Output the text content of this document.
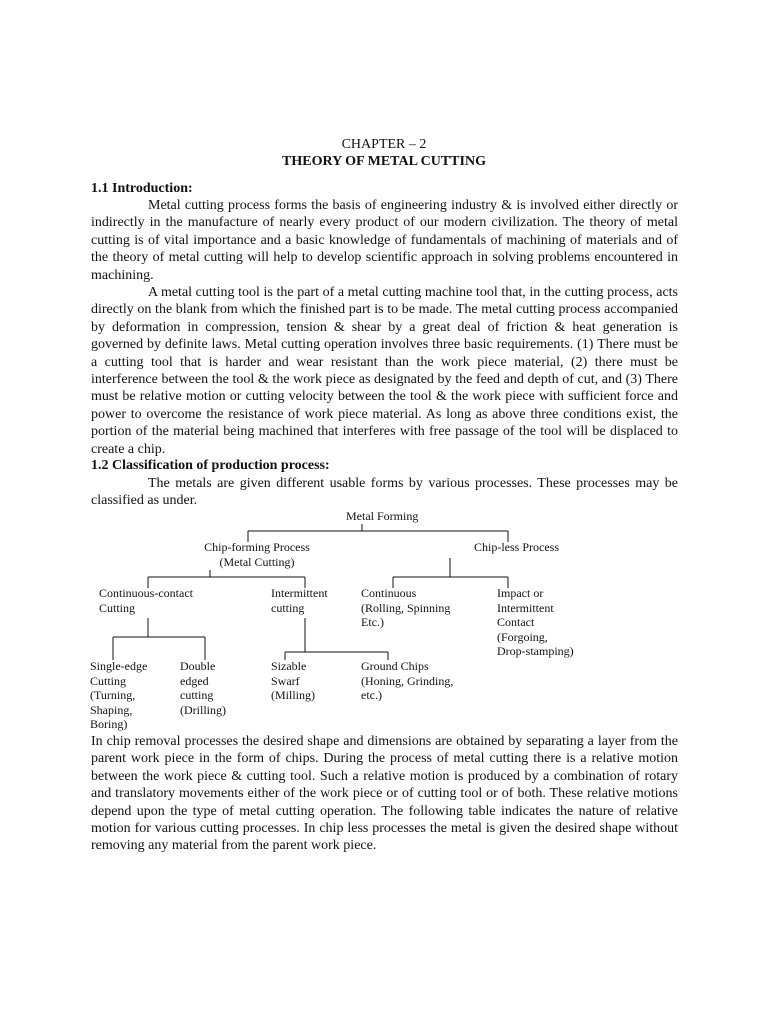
CHAPTER – 2
THEORY OF METAL CUTTING
1.1 Introduction:

Metal cutting process forms the basis of engineering industry & is involved either directly or indirectly in the manufacture of nearly every product of our modern civilization. The theory of metal cutting is of vital importance and a basic knowledge of fundamentals of machining of materials and of the theory of metal cutting will help to develop scientific approach in solving problems encountered in machining.

A metal cutting tool is the part of a metal cutting machine tool that, in the cutting process, acts directly on the blank from which the finished part is to be made. The metal cutting process accompanied by deformation in compression, tension & shear by a great deal of friction & heat generation is governed by definite laws. Metal cutting operation involves three basic requirements. (1) There must be a cutting tool that is harder and wear resistant than the work piece material, (2) there must be interference between the tool & the work piece as designated by the feed and depth of cut, and (3) There must be relative motion or cutting velocity between the tool & the work piece with sufficient force and power to overcome the resistance of work piece material. As long as above three conditions exist, the portion of the material being machined that interferes with free passage of the tool will be displaced to create a chip.

1.2 Classification of production process:

The metals are given different usable forms by various processes. These processes may be classified as under.

Metal Forming
Chip-forming Process
(Metal Cutting)
Chip-less Process
Continuous-contact
Cutting
Intermittent
cutting
Continuous
(Rolling, Spinning
Etc.)
Impact or
Intermittent
Contact
(Forgoing,
Drop-stamping)
Single-edge
Cutting
(Turning,
Shaping,
Boring)
Double
edged
cutting
(Drilling)
Sizable
Swarf
(Milling)
Ground Chips
(Honing, Grinding,
etc.)

In chip removal processes the desired shape and dimensions are obtained by separating a layer from the parent work piece in the form of chips. During the process of metal cutting there is a relative motion between the work piece & cutting tool. Such a relative motion is produced by a combination of rotary and translatory movements either of the work piece or of cutting tool or of both. These relative motions depend upon the type of metal cutting operation. The following table indicates the nature of relative motion for various cutting processes. In chip less processes the metal is given the desired shape without removing any material from the parent work piece.
